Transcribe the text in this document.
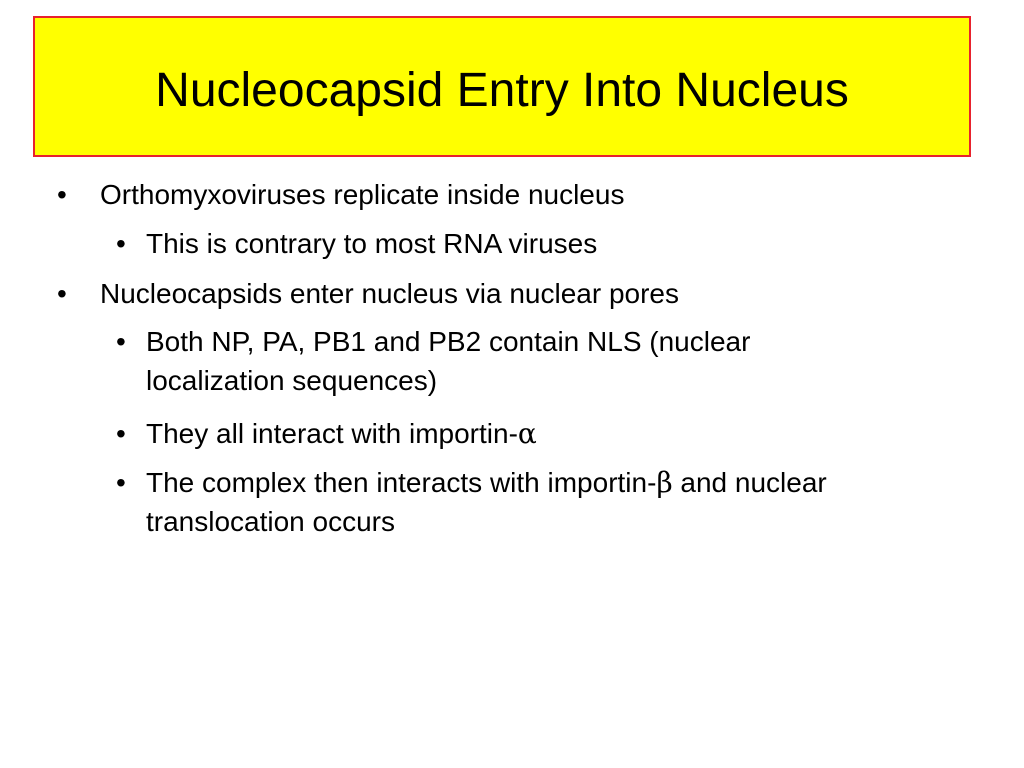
Nucleocapsid Entry Into Nucleus
•	Orthomyxoviruses replicate inside nucleus
• This is contrary to most RNA viruses
•	Nucleocapsids enter nucleus via nuclear pores
• Both NP, PA, PB1 and PB2 contain NLS (nuclear localization sequences)
• They all interact with importin-α
• The complex then interacts with importin-β and nuclear translocation occurs
